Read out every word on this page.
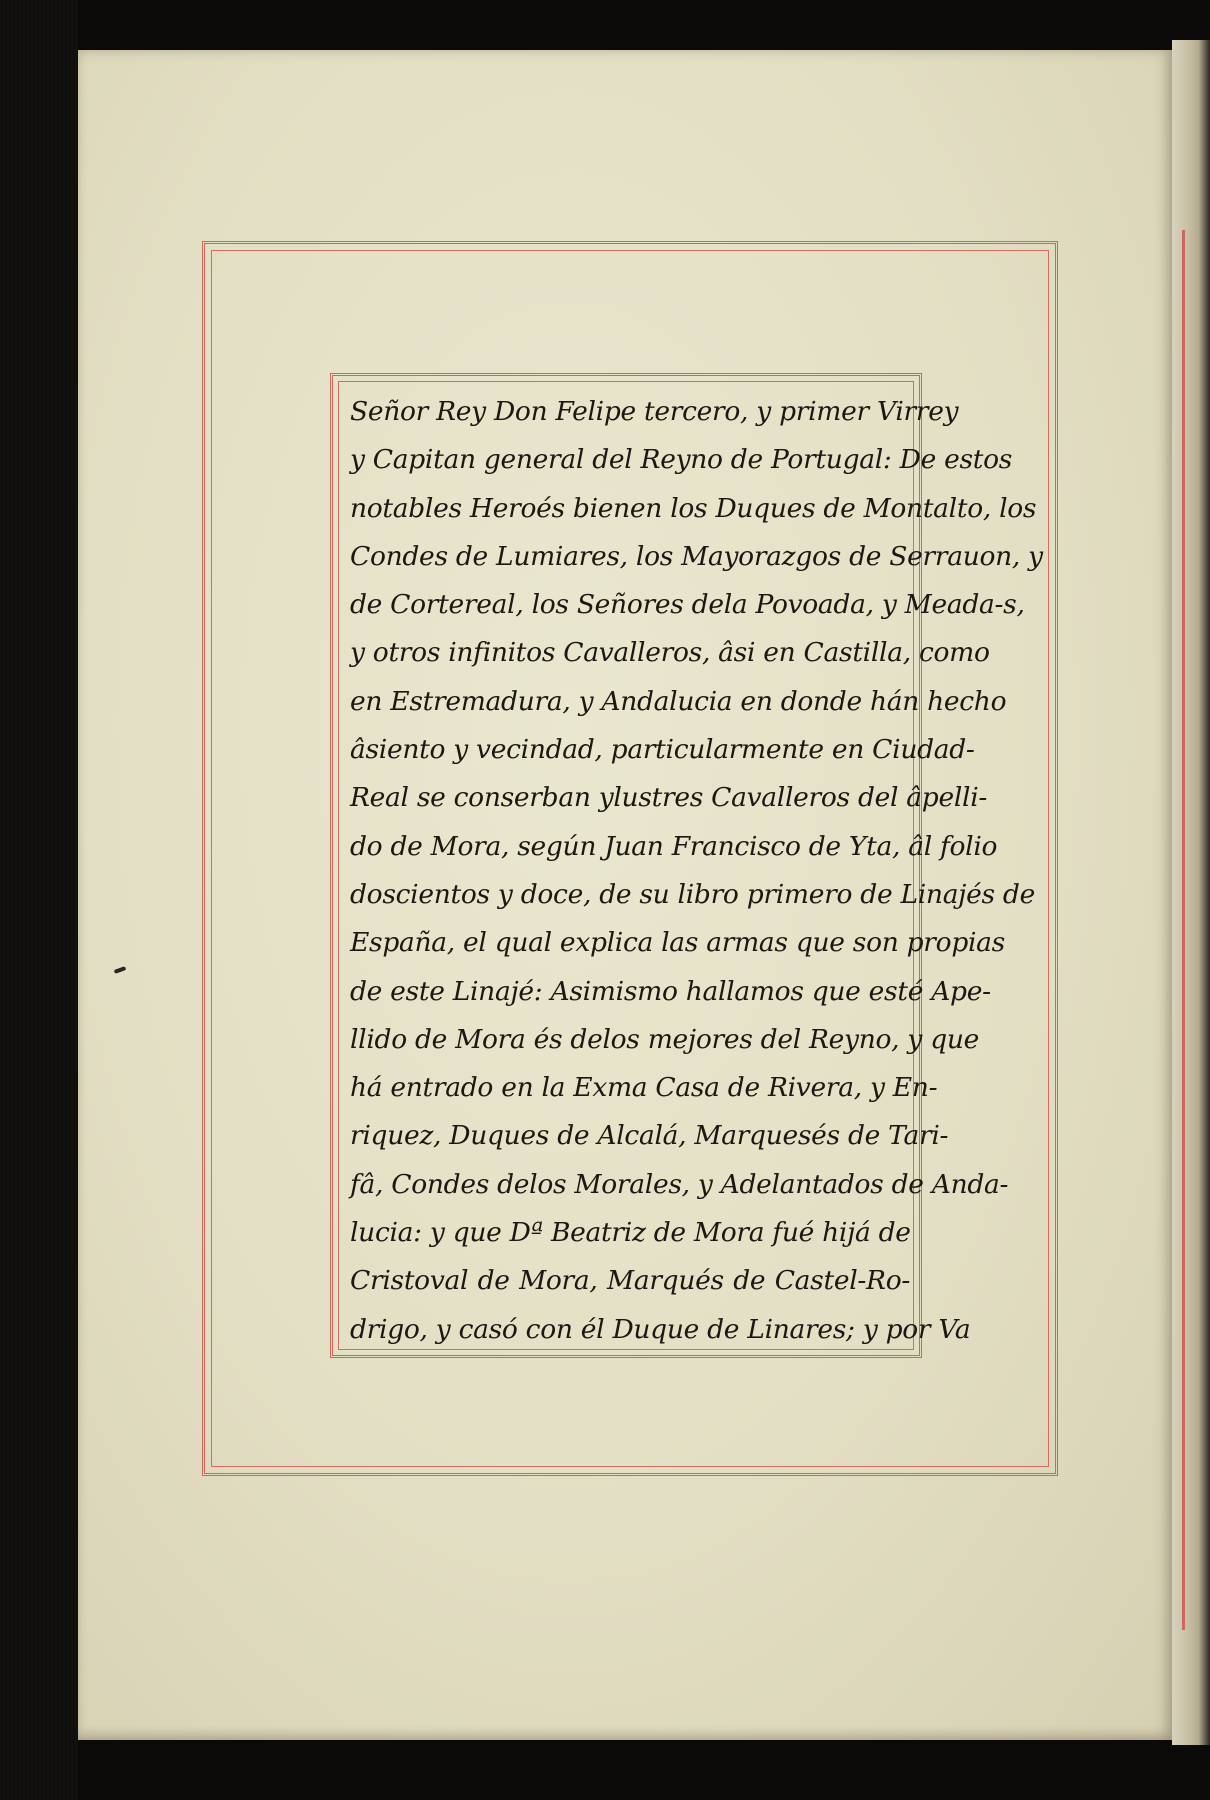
Señor Rey Don Felipe tercero, y primer Virrey
y Capitan general del Reyno de Portugal: De estos
notables Heroés bienen los Duques de Montalto, los
Condes de Lumiares, los Mayorazgos de Serrauon, y
de Cortereal, los Señores dela Povoada, y Meada-s,
y otros infinitos Cavalleros, âsi en Castilla, como
en Estremadura, y Andalucia en donde hán hecho
âsiento y vecindad, particularmente en Ciudad-
Real se conserban ylustres Cavalleros del âpelli-
do de Mora, según Juan Francisco de Yta, âl folio
doscientos y doce, de su libro primero de Linajés de
España, el qual explica las armas que son propias
de este Linajé: Asimismo hallamos que esté Ape-
llido de Mora és delos mejores del Reyno, y que
há entrado en la Exma Casa de Rivera, y En-
riquez, Duques de Alcalá, Marquesés de Tari-
fâ, Condes delos Morales, y Adelantados de Anda-
lucia: y que Dª Beatriz de Mora fué hijá de
Cristoval de Mora, Marqués de Castel-Ro-
drigo, y casó con él Duque de Linares; y por Va
